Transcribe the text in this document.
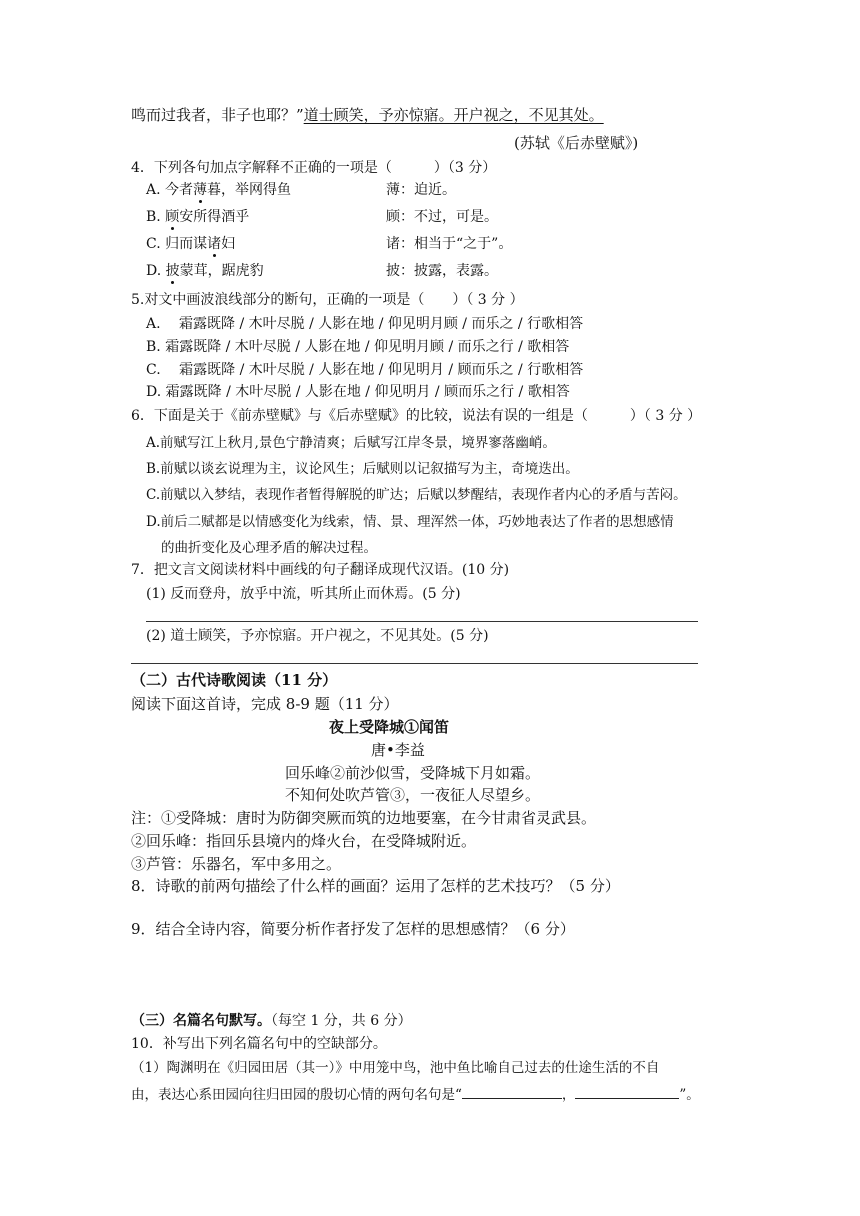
鸣而过我者，非子也耶？”道士顾笑，予亦惊寤。开户视之，不见其处。
(苏轼《后赤壁赋》)
4．下列各句加点字解释不正确的一项是（　　　）（3 分）
A. 今者薄暮，举网得鱼	薄：迫近。
B. 顾安所得酒乎	顾：不过，可是。
C. 归而谋诸妇	诸：相当于“之于”。
D. 披蒙茸，踞虎豹	披：披露，表露。
5.对文中画波浪线部分的断句，正确的一项是（　　）（ 3 分 ）
A.　 霜露既降 / 木叶尽脱 / 人影在地 / 仰见明月顾 / 而乐之 / 行歌相答
B. 霜露既降 / 木叶尽脱 / 人影在地 / 仰见明月顾 / 而乐之行 / 歌相答
C.　 霜露既降 / 木叶尽脱 / 人影在地 / 仰见明月 / 顾而乐之 / 行歌相答
D. 霜露既降 / 木叶尽脱 / 人影在地 / 仰见明月 / 顾而乐之行 / 歌相答
6．下面是关于《前赤壁赋》与《后赤壁赋》的比较，说法有误的一组是（　　　）（ 3 分 ）
A.前赋写江上秋月,景色宁静清爽；后赋写江岸冬景，境界寥落幽峭。
B.前赋以谈玄说理为主，议论风生；后赋则以记叙描写为主，奇境迭出。
C.前赋以入梦结，表现作者暂得解脱的旷达；后赋以梦醒结，表现作者内心的矛盾与苦闷。
D.前后二赋都是以情感变化为线索，情、景、理浑然一体，巧妙地表达了作者的思想感情
的曲折变化及心理矛盾的解决过程。
7．把文言文阅读材料中画线的句子翻译成现代汉语。(10 分)
(1) 反而登舟，放乎中流，听其所止而休焉。(5 分)
(2) 道士顾笑，予亦惊寤。开户视之，不见其处。(5 分)
（二）古代诗歌阅读（11 分）
阅读下面这首诗，完成 8-9 题（11 分）
夜上受降城①闻笛
唐•李益
回乐峰②前沙似雪，受降城下月如霜。
不知何处吹芦管③，一夜征人尽望乡。
注：①受降城：唐时为防御突厥而筑的边地要塞，在今甘肃省灵武县。
②回乐峰：指回乐县境内的烽火台，在受降城附近。
③芦管：乐器名，军中多用之。
8．诗歌的前两句描绘了什么样的画面？运用了怎样的艺术技巧？（5 分）
9．结合全诗内容，简要分析作者抒发了怎样的思想感情？（6 分）
（三）名篇名句默写。（每空 1 分，共 6 分）
10．补写出下列名篇名句中的空缺部分。
（1）陶渊明在《归园田居（其一）》中用笼中鸟，池中鱼比喻自己过去的仕途生活的不自
由，表达心系田园向往归田园的殷切心情的两句名句是“	，	”。
